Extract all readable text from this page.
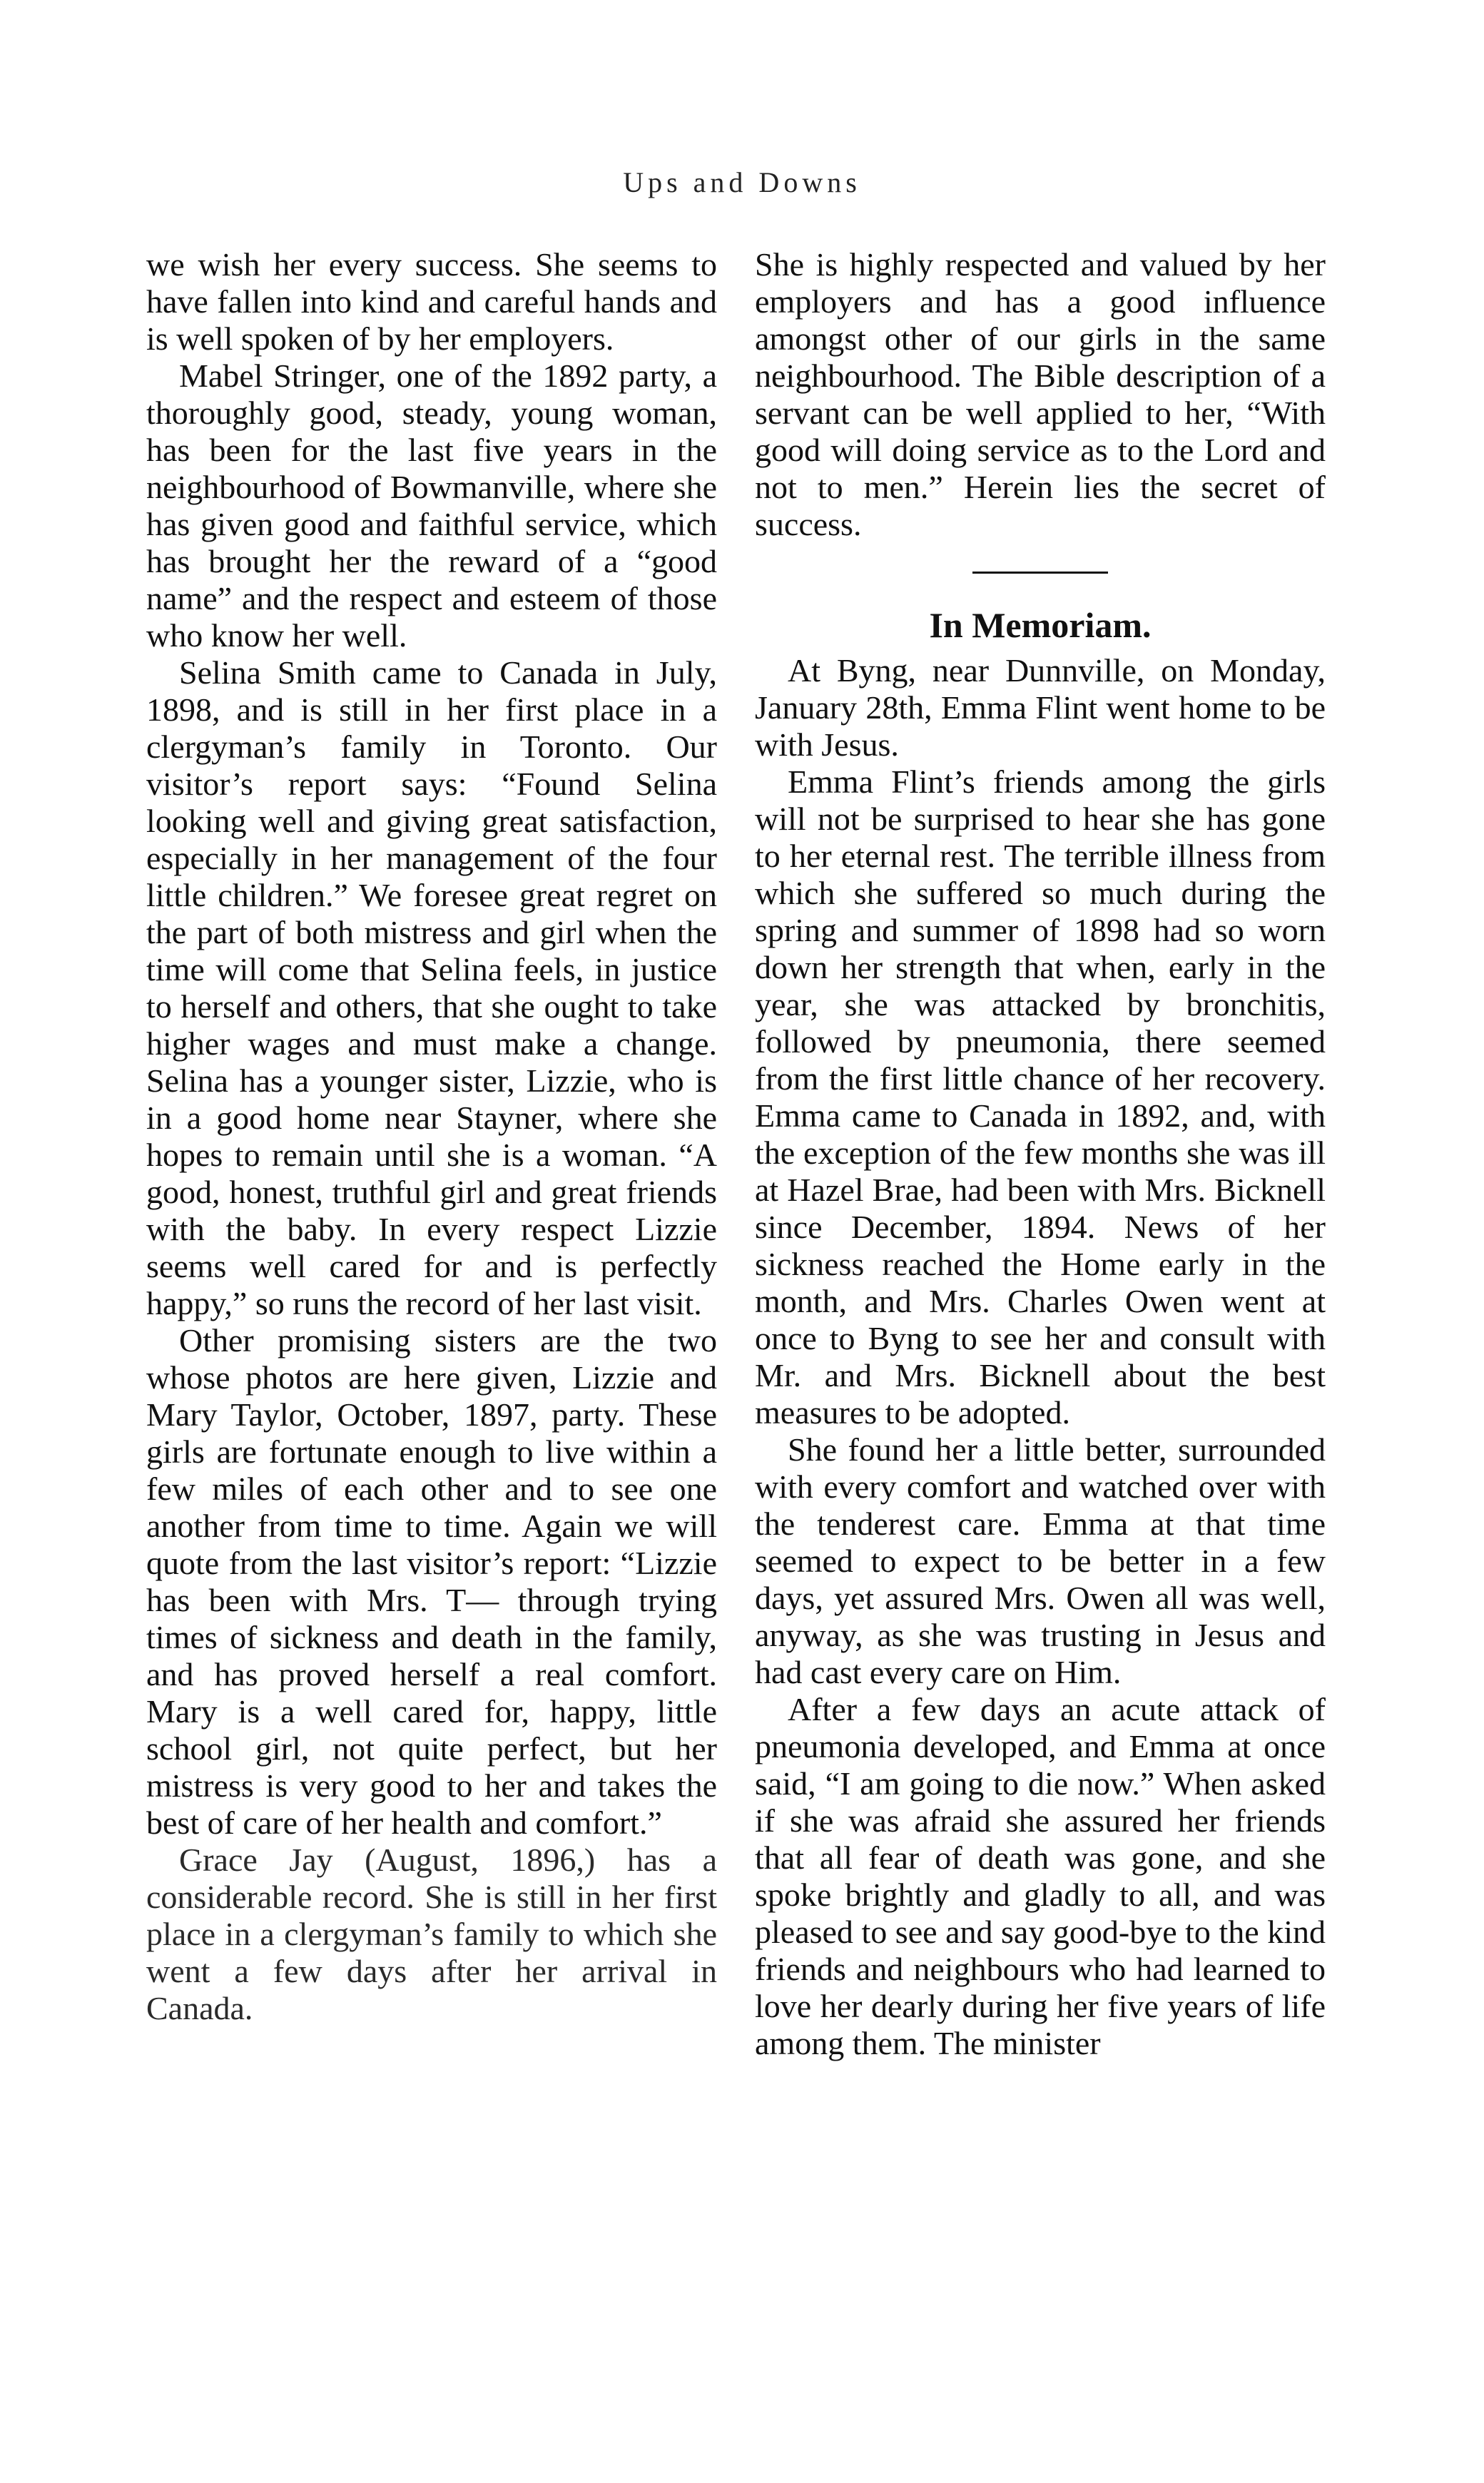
Ups and Downs

we wish her every success. She seems to have fallen into kind and careful hands and is well spoken of by her employers.

Mabel Stringer, one of the 1892 party, a thoroughly good, steady, young woman, has been for the last five years in the neighbourhood of Bowmanville, where she has given good and faithful service, which has brought her the reward of a “good name” and the respect and esteem of those who know her well.

Selina Smith came to Canada in July, 1898, and is still in her first place in a clergyman’s family in Toronto. Our visitor’s report says: “Found Selina looking well and giving great satisfaction, especially in her management of the four little children.” We foresee great regret on the part of both mistress and girl when the time will come that Selina feels, in justice to herself and others, that she ought to take higher wages and must make a change. Selina has a younger sister, Lizzie, who is in a good home near Stayner, where she hopes to remain until she is a woman. “A good, honest, truthful girl and great friends with the baby. In every respect Lizzie seems well cared for and is perfectly happy,” so runs the record of her last visit.

Other promising sisters are the two whose photos are here given, Lizzie and Mary Taylor, October, 1897, party. These girls are fortunate enough to live within a few miles of each other and to see one another from time to time. Again we will quote from the last visitor’s report: “Lizzie has been with Mrs. T— through trying times of sickness and death in the family, and has proved herself a real comfort. Mary is a well cared for, happy, little school girl, not quite perfect, but her mistress is very good to her and takes the best of care of her health and comfort.”

Grace Jay (August, 1896,) has a considerable record. She is still in her first place in a clergyman’s family to which she went a few days after her arrival in Canada.

She is highly respected and valued by her employers and has a good influence amongst other of our girls in the same neighbourhood. The Bible description of a servant can be well applied to her, “With good will doing service as to the Lord and not to men.” Herein lies the secret of success.

In Memoriam.

At Byng, near Dunnville, on Monday, January 28th, Emma Flint went home to be with Jesus.

Emma Flint’s friends among the girls will not be surprised to hear she has gone to her eternal rest. The terrible illness from which she suffered so much during the spring and summer of 1898 had so worn down her strength that when, early in the year, she was attacked by bronchitis, followed by pneumonia, there seemed from the first little chance of her recovery. Emma came to Canada in 1892, and, with the exception of the few months she was ill at Hazel Brae, had been with Mrs. Bicknell since December, 1894. News of her sickness reached the Home early in the month, and Mrs. Charles Owen went at once to Byng to see her and consult with Mr. and Mrs. Bicknell about the best measures to be adopted.

She found her a little better, surrounded with every comfort and watched over with the tenderest care. Emma at that time seemed to expect to be better in a few days, yet assured Mrs. Owen all was well, anyway, as she was trusting in Jesus and had cast every care on Him.

After a few days an acute attack of pneumonia developed, and Emma at once said, “I am going to die now.” When asked if she was afraid she assured her friends that all fear of death was gone, and she spoke brightly and gladly to all, and was pleased to see and say good-bye to the kind friends and neighbours who had learned to love her dearly during her five years of life among them. The minister
